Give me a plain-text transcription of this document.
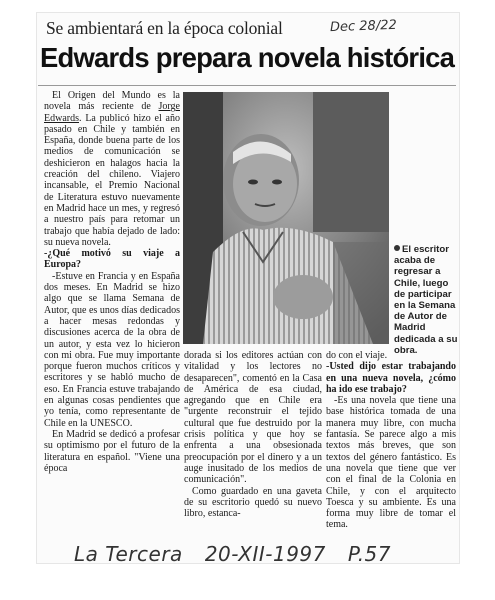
Se ambientará en la época colonial	Dec 28/22
Edwards prepara novela histórica

El Origen del Mundo es la novela más reciente de Jorge Edwards. La publicó hizo el año pasado en Chile y también en España, donde buena parte de los medios de comunicación se deshicieron en halagos hacia la creación del chileno. Viajero incansable, el Premio Nacional de Literatura estuvo nuevamente en Madrid hace un mes, y regresó a nuestro país para retomar un trabajo que había dejado de lado: su nueva novela.

-¿Qué motivó su viaje a Europa?

-Estuve en Francia y en España dos meses. En Madrid se hizo algo que se llama Semana de Autor, que es unos días dedicados a hacer mesas redondas y discusiones acerca de la obra de un autor, y esta vez lo hicieron con mi obra. Fue muy importante porque fueron muchos críticos y escritores y se habló mucho de eso. En Francia estuve trabajando en algunas cosas pendientes que yo tenía, como representante de Chile en la UNESCO.

En Madrid se dedicó a profesar su optimismo por el futuro de la literatura en español. "Viene una época

El escritor acaba de regresar a Chile, luego de participar en la Semana de Autor de Madrid dedicada a su obra.

dorada si los editores actúan con vitalidad y los lectores no desaparecen", comentó en la Casa de América de esa ciudad, agregando que en Chile era "urgente reconstruir el tejido cultural que fue destruido por la crisis política y que hoy se enfrenta a una obsesionada preocupación por el dinero y a un auge inusitado de los medios de comunicación".

Como guardado en una gaveta de su escritorio quedó su nuevo libro, estanca-

do con el viaje.

-Usted dijo estar trabajando en una nueva novela, ¿cómo ha ido ese trabajo?

-Es una novela que tiene una base histórica tomada de una manera muy libre, con mucha fantasía. Se parece algo a mis textos más breves, que son textos del género fantástico. Es una novela que tiene que ver con el final de la Colonia en Chile, y con el arquitecto Toesca y su ambiente. Es una forma muy libre de tomar el tema.

La Tercera 20-XII-1997 P.57
